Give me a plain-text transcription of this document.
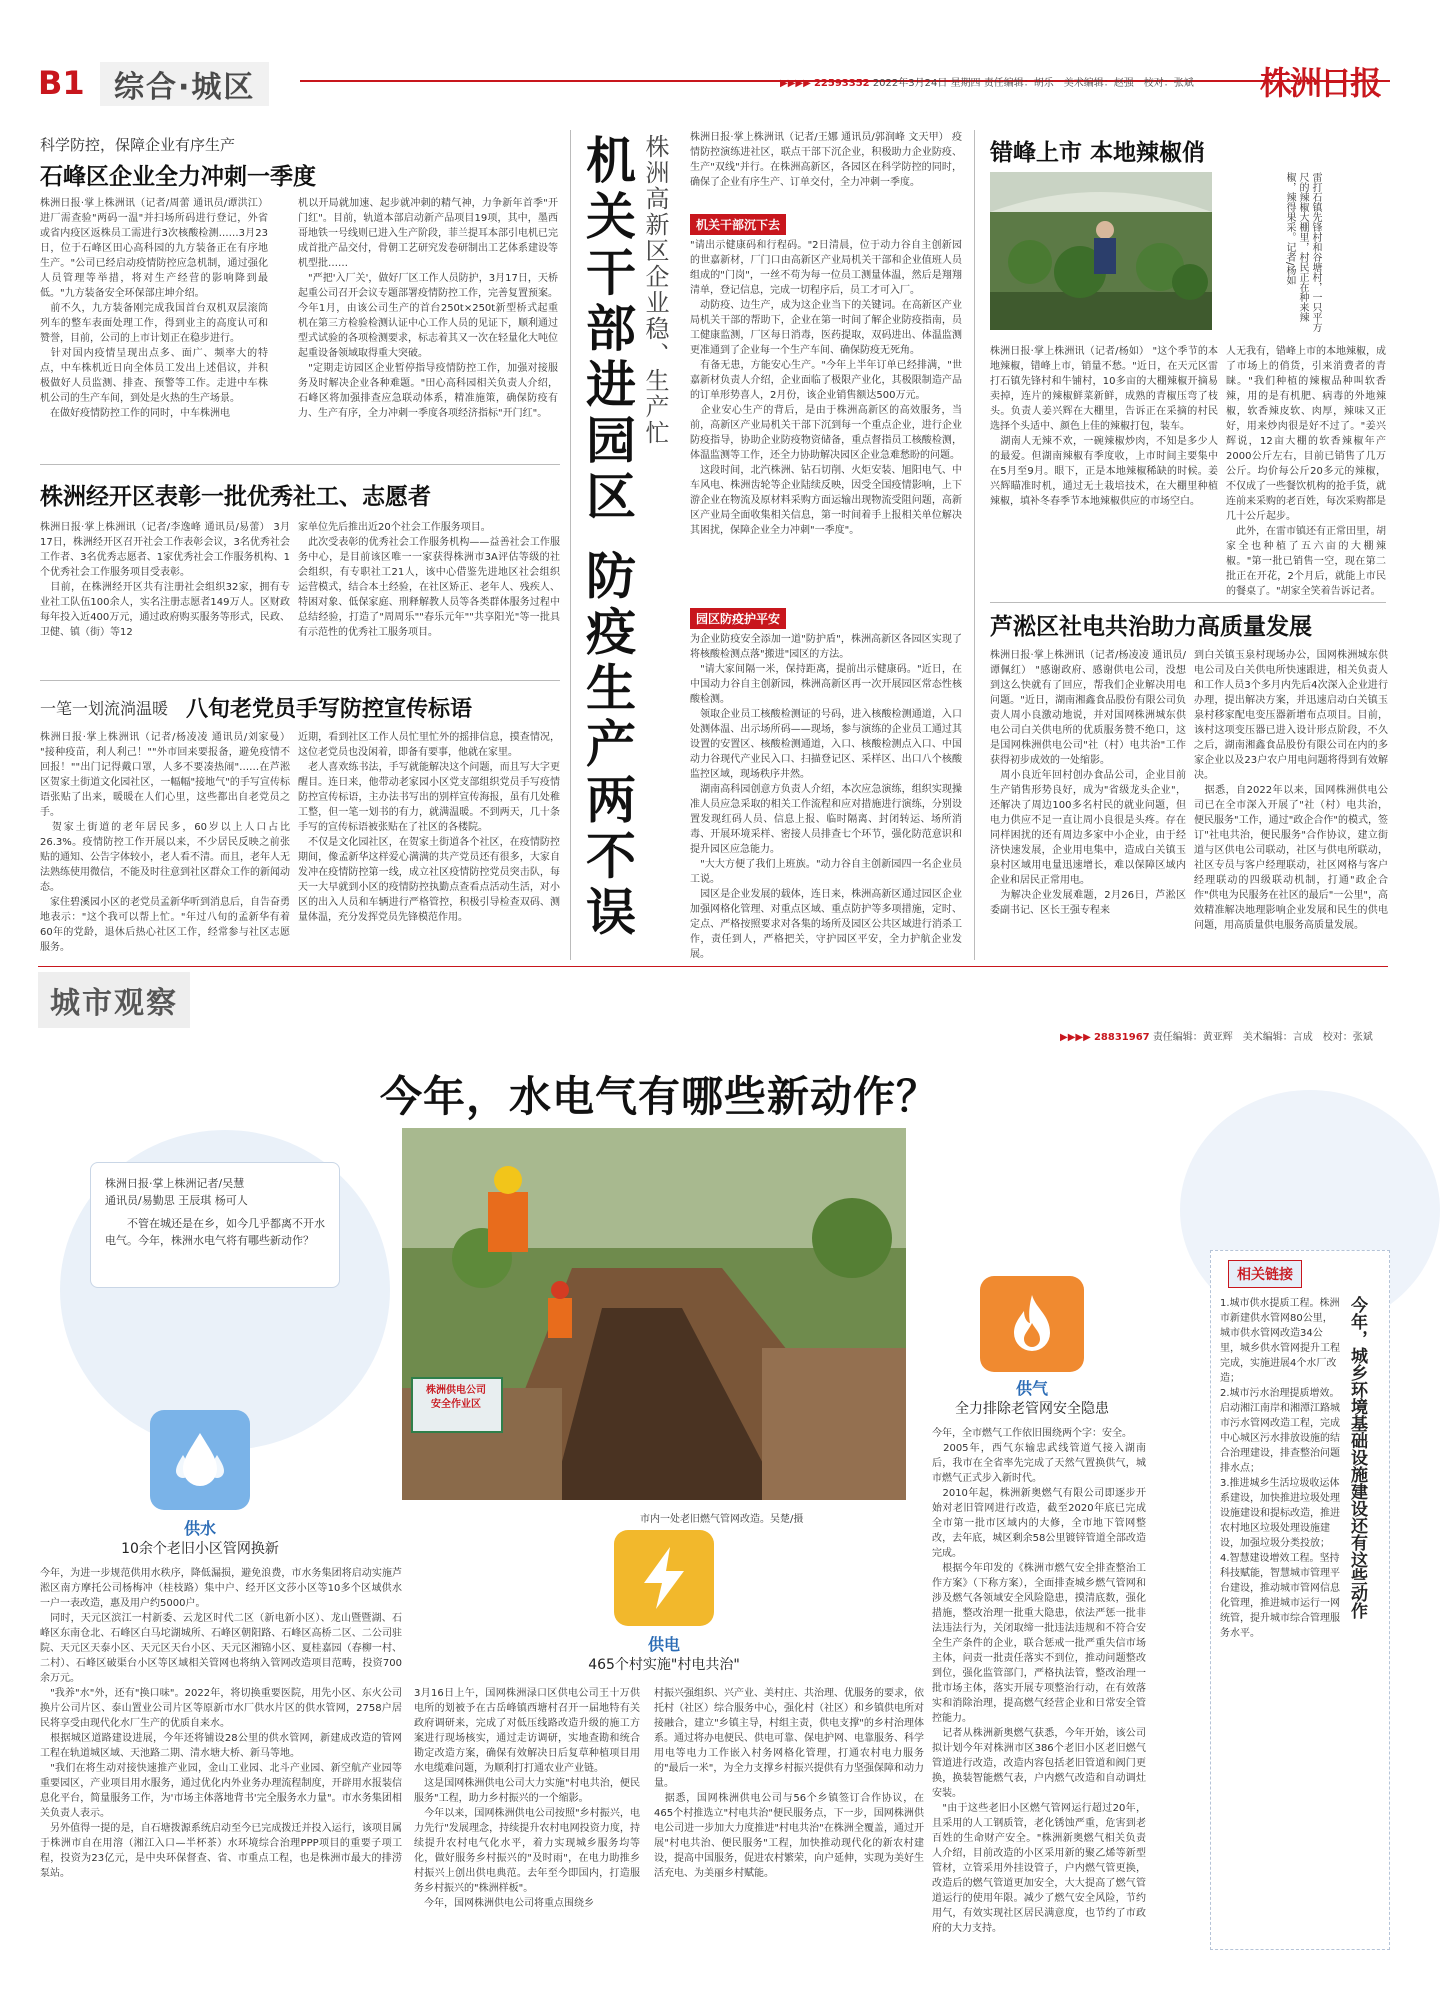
B1 综合·城区	▶▶▶▶ 22593352 2022年3月24日 星期四 责任编辑：胡乐　美术编辑：赵强　校对：张斌 株洲日报
科学防控，保障企业有序生产
石峰区企业全力冲刺一季度
株洲日报·掌上株洲讯（记者/周蕾 通讯员/谭洪江） 进厂需查验"两码一温"并扫场所码进行登记，外省或省内疫区返株员工需进行3次核酸检测……3月23日，位于石峰区田心高科园的九方装备正在有序地生产。"公司已经启动疫情防控应急机制，通过强化人员管理等举措，将对生产经营的影响降到最低。"九方装备安全环保部庄坤介绍。
　前不久，九方装备刚完成我国首台双机双层滚筒列车的整车表面处理工作，得到业主的高度认可和赞誉，目前，公司的上市计划正在稳步进行。
　针对国内疫情呈现出点多、面广、频率大的特点，中车株机近日向全体员工发出上述倡议，并积极做好人员监测、排查、预警等工作。走进中车株机公司的生产车间，到处是火热的生产场景。
　在做好疫情防控工作的同时，中车株洲电
机以开局就加速、起步就冲刺的精气神，力争新年首季"开门红"。目前，轨道本部启动新产品项目19项，其中，墨西哥地铁一号线则已进入生产阶段，菲兰提耳本部引电机已完成首批产品交付，骨朝工艺研究发卷研制出工艺体系建设等机型批……
　"严把'入厂关'，做好厂区工作人员防护，3月17日，天桥起重公司召开会议专题部署疫情防控工作，完善复置预案。今年1月，由该公司生产的首台250t×250t新型桥式起重机在第三方检验检测认证中心工作人员的见证下，顺利通过型式试验的各项检测要求，标志着其又一次在轻量化大吨位起重设备领域取得重大突破。
　"定期走访园区企业暂停指导疫情防控工作，加强对接服务及时解决企业各种难题。"田心高科园相关负责人介绍，石峰区将加强排查应急联动体系，精准施策，确保防疫有力、生产有序，全力冲刺一季度各项经济指标"开门红"。
株洲经开区表彰一批优秀社工、志愿者
株洲日报·掌上株洲讯（记者/李逸峰 通讯员/易蕾） 3月17日，株洲经开区召开社会工作表彰会议，3名优秀社会工作者、3名优秀志愿者、1家优秀社会工作服务机构、1个优秀社会工作服务项目受表彰。
　目前，在株洲经开区共有注册社会组织32家，拥有专业社工队伍100余人，实名注册志愿者149万人。区财政每年投入近400万元，通过政府购买服务等形式，民政、卫健、镇（街）等12
家单位先后推出近20个社会工作服务项目。
　此次受表彰的优秀社会工作服务机构——益善社会工作服务中心，是目前该区唯一一家获得株洲市3A评估等级的社会组织，有专职社工21人，该中心借鉴先进地区社会组织运营模式，结合本土经验，在社区矫正、老年人、残疾人、特困对象、低保家庭、刑释解教人员等各类群体服务过程中总结经验，打造了"周周乐""春乐元年""共享阳光"等一批具有示范性的优秀社工服务项目。
一笔一划流淌温暖 八旬老党员手写防控宣传标语
株洲日报·掌上株洲讯（记者/杨凌凌 通讯员/刘家曼） "接种疫苗，利人利己！""外市回来要报备，避免疫情不回报！""出门记得戴口罩，人多不要凑热闹"……在芦淞区贺家土街道文化园社区，一幅幅"接地气"的手写宣传标语张贴了出来，暖暖在人们心里，这些都出自老党员之手。
　贺家土街道的老年居民多，60岁以上人口占比26.3%。疫情防控工作开展以来，不少居民反映之前张贴的通知、公告字体较小，老人看不清。而且，老年人无法熟练使用微信，不能及时往意到社区群众工作的新闻动态。
　家住碧溪园小区的老党员孟新华听到消息后，自告奋勇地表示："这个我可以帮上忙。"年过八旬的孟新华有着60年的党龄，退休后热心社区工作，经常参与社区志愿服务。
近期，看到社区工作人员忙里忙外的摇排信息，摸查情况，这位老党员也没闲着，即备有要事，他就在家里。
　老人喜欢练书法，手写就能解决这个问题，而且写大字更醒目。连日来，他带动老家园小区党支部组织党员手写疫情防控宣传标语，主办法书写出的别样宣传海报，虽有几处稚工整，但一笔一划书的有力，就满温暖。不到两天，几十条手写的宣传标语被张贴在了社区的各楼院。
　不仅是文化园社区，在贺家土街道各个社区，在疫情防控期间，像孟新华这样爱心满满的共产党员还有很多，大家自发冲在疫情防控第一线，成立社区疫情防控党员突击队，每天一大早就到小区的疫情防控执勤点查看点活动生活，对小区的出入人员和车辆进行严格管控，积极引导检查双码、测量体温，充分发挥党员先锋模范作用。
株洲高新区企业稳、生产忙
机关干部进园区 防疫生产两不误	株洲日报·掌上株洲讯（记者/王娜 通讯员/郭润峰 文天甲） 疫情防控演练进社区，联点干部下沉企业，积极助力企业防疫、生产"双线"并行。在株洲高新区，各园区在科学防控的同时，确保了企业有序生产、订单交付，全力冲刺一季度。
机关干部沉下去
"请出示健康码和行程码。"2日清晨，位于动力谷自主创新园的世嘉新材，厂门口由高新区产业局机关干部和企业值班人员组成的"门岗"，一丝不苟为每一位员工测量体温，然后是翔翔清单，登记信息，完成一切程序后，员工才可入厂。
　动防疫、边生产，成为这企业当下的关键词。在高新区产业局机关干部的帮助下，企业在第一时间了解企业防疫指南，员工健康监测，厂区每日消毒，医药提取，双码进出、体温监测更准通到了企业每一个生产车间、确保防疫无死角。
　有备无患，方能安心生产。"今年上半年订单已经排满，"世嘉新材负责人介绍，企业面临了极限产业化，其极限制造产品的订单形势喜人，2月份，该企业销售额达500万元。
　企业安心生产的背后，是由于株洲高新区的高效服务，当前，高新区产业局机关干部下沉到每一个重点企业，进行企业防疫指导，协助企业防疫物资储备，重点督指员工核酸检测，体温监测等工作，还全力协助解决园区企业急难愁盼的问题。
　这段时间，北汽株洲、钻石切削、火炬安装、旭阳电气、中车风电、株洲齿轮等企业陆续反映，因受全国疫情影响，上下游企业在物流及原材料采购方面运输出现物流受阻问题，高新区产业局全面收集相关信息，第一时间着手上报相关单位解决其困扰，保障企业全力冲刺"一季度"。
园区防疫护平安
为企业防疫安全添加一道"防护盾"，株洲高新区各园区实现了将核酸检测点落"搬进"园区的方法。
　"请大家间隔一米，保持距离，提前出示健康码。"近日，在中国动力谷自主创新园，株洲高新区再一次开展园区常态性核酸检测。
　领取企业员工核酸检测证的号码，进入核酸检测通道，入口处测体温、出示场所码——现场，参与演练的企业员工通过其设置的安置区、核酸检测通道，入口、核酸检测点入口、中国动力谷现代产业民入口、扫描登记区、采样区、出口八个核酸监控区域，现场秩序井然。
　湖南高科园创意方负责人介绍，本次应急演练，组织实现操准人员应急采取的相关工作流程和应对措施进行演练，分别设置发现红码人员、信息上报、临时隔离、封闭转运、场所消毒、开展环境采样、密接人员排查七个环节，强化防范意识和提升园区应急能力。
　"大大方便了我们上班族。"动力谷自主创新园四一名企业员工说。
　园区是企业发展的载体，连日来，株洲高新区通过园区企业加强网格化管理、对重点区域、重点防护等多项措施，定时、定点、严格按照要求对各集的场所及园区公共区域进行消杀工作，责任到人，严格把关，守护园区平安，全力护航企业发展。
错峰上市 本地辣椒俏
雷打石镇先锋村和谷塘村，一只平方尺的辣椒大棚里，村民正在种来辣椒，辣得果采。记者/杨如
株洲日报·掌上株洲讯（记者/杨如） "这个季节的本地辣椒，错峰上市，销量不愁。"近日，在天元区雷打石镇先锋村和牛铺村，10多亩的大棚辣椒开摘易卖掉，连片的辣椒鲜菜新鲜，成熟的青椒压弯了枝头。负责人姜兴辉在大棚里，告诉正在采摘的村民选择个头适中、颜色上佳的辣椒打包，装车。
　湖南人无辣不欢，一碗辣椒炒肉，不知是多少人的最爱。但湖南辣椒有季度收，上市时间主要集中在5月至9月。眼下，正是本地辣椒稀缺的时候。姜兴辉瞄准时机，通过无土栽培技术，在大棚里种植辣椒，填补冬春季节本地辣椒供应的市场空白。
人无我有，错峰上市的本地辣椒，成了市场上的俏货，引来消费者的青睐。"我们种植的辣椒品种叫软香辣，用的是有机肥、病毒的外地辣椒，软香辣皮软、肉厚，辣味又正好，用来炒肉很是好不过了。"姜兴辉说，12亩大棚的软香辣椒年产2000公斤左右，目前已销售了几万公斤。均价每公斤20多元的辣椒，不仅成了一些餐饮机构的抢手货，就连前来采购的老百姓，每次采购都是几十公斤起步。
　此外，在雷市镇还有正常田里，胡家全也种植了五六亩的大棚辣椒。"第一批已销售一空，现在第二批正在开花，2个月后，就能上市民的餐桌了。"胡家全笑着告诉记者。
芦淞区社电共治助力高质量发展
株洲日报·掌上株洲讯（记者/杨凌凌 通讯员/谭佩红） "感谢政府、感谢供电公司，没想到这么快就有了回应，帮我们企业解决用电问题。"近日，湖南湘鑫食品股份有限公司负责人周小良激动地说，并对国网株洲城东供电公司白关供电所的优质服务赞不绝口，这是国网株洲供电公司"社（村）电共治"工作获得初步成效的一处缩影。
　周小良近年回村创办食品公司，企业目前生产销售形势良好，成为"省级龙头企业"，还解决了周边100多名村民的就业问题，但电力供应不足一直让周小良很是头疼。存在同样困扰的还有周边多家中小企业，由于经济快速发展，企业用电集中，造成白关镇玉泉村区域用电量迅速增长，难以保障区域内企业和居民正常用电。
　为解决企业发展难题，2月26日，芦淞区委副书记、区长王强专程来
到白关镇玉泉村现场办公，国网株洲城东供电公司及白关供电所快速跟进，相关负责人和工作人员3个多月内先后4次深入企业进行办理，提出解决方案，并迅速启动白关镇玉泉村移家配电变压器新增布点项目。目前，该村这项变压器已进入设计形点阶段，不久之后，湖南湘鑫食品股份有限公司在内的多家企业以及23户农户用电问题将得到有效解决。
　据悉，自2022年以来，国网株洲供电公司已在全市深入开展了"社（村）电共治，便民服务"工作，通过"政企合作"的模式，签订"社电共治，便民服务"合作协议，建立街道与区供电公司联动，社区与供电所联动，社区专员与客户经理联动，社区网格与客户经理联动的四级联动机制，打通"政企合作"供电为民服务在社区的最后"一公里"，高效精准解决地理影响企业发展和民生的供电问题，用高质量供电服务高质量发展。
城市观察
▶▶▶▶ 28831967 责任编辑：黄亚辉　美术编辑：言成　校对：张斌
今年，水电气有哪些新动作？
株洲日报·掌上株洲记者/吴慧
通讯员/易勤思 王辰琪 杨可人
　　不管在城还是在乡，如今几乎都离不开水电气。今年，株洲水电气将有哪些新动作？
株洲供电公司
安全作业区
市内一处老旧燃气管网改造。吴楚/摄
供水
10余个老旧小区管网换新
今年，为进一步规范供用水秩序，降低漏损，避免浪费，市水务集团将启动实施芦淞区南方摩托公司杨梅冲（桂枝路）集中户、经开区文莎小区等10多个区域供水一户一表改造，惠及用户约5000户。
　同时，天元区滨江一村新委、云龙区时代二区（新电新小区）、龙山暨暨湖、石峰区东南仓北、石峰区白马坨湖城所、石峰区朝阳路、石峰区高桥二区、二公司驻院、天元区天泰小区、天元区天台小区、天元区湘锦小区、夏桂嘉园（春柳一村、二村）、石峰区破渠台小区等区域相关管网也将纳入管网改造项目范畴，投资700余万元。
　"我养"水"外，还有"换口味"。2022年，将切换重要医院，用先小区、东火公司换片公司片区、泰山置业公司片区等原新市水厂供水片区的供水管网，2758户居民将享受由现代化水厂生产的优质自来水。
　根据城区道路建设进展，今年还将铺设28公里的供水管网，新建成改造的管网工程在轨道城区域、天池路二期、清水塘大桥、新马等地。
　"我们在将生动对接快速推产业园，金山工业园、北斗产业园、新空航产业园等重要园区，产业项目用水服务，通过优化内外业务办理流程制度，开辟用水报装信息化平台，简量服务工作，为'市场主体落地背书'完全服务水力量"。市水务集团相关负责人表示。
　另外值得一提的是，自石塘拨源系统启动至今已完成拨迁并投入运行，该项目属于株洲市自在用溶（湘江入口—半杯茶）水环境综合治理PPP项目的重要子项工程，投资为23亿元，是中央环保督查、省、市重点工程，也是株洲市最大的排涝泵站。
供电
465个村实施"村电共治"
3月16日上午，国网株洲渌口区供电公司王十万供电所的划被予在古岳峰镇西塘村召开一届地特有关政府调研来，完成了对低压线路改造升级的施工方案进行现场核实，通过走访调研，实地查勘和统合勘定改造方案，确保有效解决日后复草种植项目用水电缆难问题，为顺利打打通农业产业链。
　这是国网株洲供电公司大力实施"村电共治，便民服务"工程，助力乡村振兴的一个缩影。
　今年以来，国网株洲供电公司按照"乡村振兴，电力先行"发展理念，持续提升农村电网投资力度，持续提升农村电气化水平，着力实现城乡服务均等化，做好服务乡村振兴的"及时雨"，在电力助推乡村振兴上创出供电典范。去年至今即国内，打造服务乡村振兴的"株洲样板"。
　今年，国网株洲供电公司将重点围绕乡
村振兴强组织、兴产业、美村庄、共治理、优服务的要求，依托村（社区）综合服务中心，强化村（社区）和乡镇供电所对接融合，建立"乡镇主导，村组主责，供电支撑"的乡村治理体系。通过将办电便民、供电可靠、保电护网、电靠服务、科学用电等电力工作嵌入村务网格化管理，打通农村电力服务的"最后一米"，为全力支撑乡村振兴提供有力坚强保障和动力量。
　据悉，国网株洲供电公司与56个乡镇签订合作协议，在465个村推选立"村电共治"便民服务点，下一步，国网株洲供电公司进一步加大力度推进"村电共治"在株洲全覆盖，通过开展"村电共治、便民服务"工程，加快推动现代化的新农村建设，提高中国服务，促进农村繁荣，向户延伸，实现为美好生活充电、为美丽乡村赋能。
供气
全力排除老管网安全隐患
今年，全市燃气工作依旧围绕两个字：安全。
　2005年，西气东输忠武线管道气接入湖南后，我市在全省率先完成了天然气置换供气，城市燃气正式步入新时代。
　2010年起，株洲新奥燃气有限公司即逐步开始对老旧管网进行改造，截至2020年底已完成全市第一批市区域内的大修，全市地下管网整改，去年底，城区剩余58公里镀锌管道全部改造完成。
　根据今年印发的《株洲市燃气安全排查整治工作方案》（下称方案），全面排查城乡燃气管网和涉及燃气各领域安全风险隐患，摸清底数，强化措施，整改治理一批重大隐患，依法严惩一批非法违法行为，关闭取缔一批违法违规和不符合安全生产条件的企业，联合惩戒一批严重失信市场主体，问责一批责任落实不到位，推动问题整改到位，强化监管部门，严格执法管，整改治理一批市场主体，落实开展专项整治行动，在有效落实和消除治理，提高燃气经营企业和日常安全管控能力。
　记者从株洲新奥燃气获悉，今年开始，该公司拟计划今年对株洲市区386个老旧小区老旧燃气管道进行改造，改造内容包括老旧管道和阀门更换，换装智能燃气表，户内燃气改造和自动调灶安装。
　"由于这些老旧小区燃气管网运行超过20年，且采用的人工钢质管，老化锈蚀严重，危害到老百姓的生命财产安全。"株洲新奥燃气相关负责人介绍，目前改造的小区采用新的聚乙烯等新型管材，立管采用外挂设管子，户内燃气管更换，改造后的燃气管道更加安全，大大提高了燃气管道运行的使用年限。减少了燃气安全风险，节约用气，有效实现社区居民满意度，也节约了市政府的大力支持。
相关链接
今年，城乡环境基础设施建设还有这些动作
1.城市供水提质工程。株洲市新建供水管网80公里，城市供水管网改造34公里，城乡供水管网提升工程完成，实施进展4个水厂改造；
2.城市污水治理提质增效。启动湘江南岸和湘潭江路城市污水管网改造工程，完成中心城区污水排放设施的结合治理建设，排查整治问题排水点；
3.推进城乡生活垃圾收运体系建设，加快推进垃圾处理设施建设和提标改造，推进农村地区垃圾处理设施建设，加强垃圾分类投放；
4.智慧建设增效工程。坚持科技赋能，智慧城市管理平台建设，推动城市管网信息化管理，推进城市运行一网统管，提升城市综合管理服务水平。
